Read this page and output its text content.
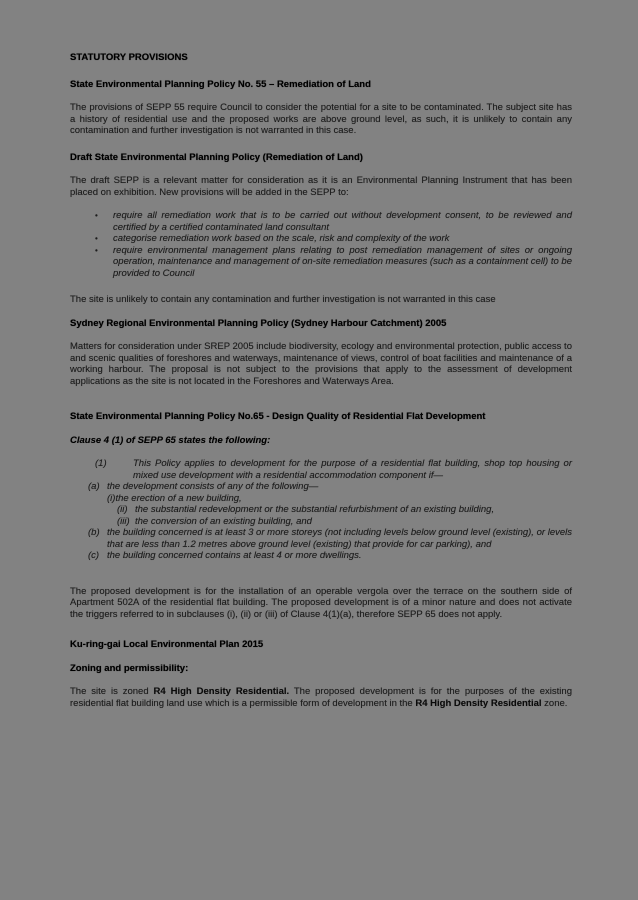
STATUTORY PROVISIONS
State Environmental Planning Policy No. 55 – Remediation of Land
The provisions of SEPP 55 require Council to consider the potential for a site to be contaminated. The subject site has a history of residential use and the proposed works are above ground level, as such, it is unlikely to contain any contamination and further investigation is not warranted in this case.
Draft State Environmental Planning Policy (Remediation of Land)
The draft SEPP is a relevant matter for consideration as it is an Environmental Planning Instrument that has been placed on exhibition. New provisions will be added in the SEPP to:
•	require all remediation work that is to be carried out without development consent, to be reviewed and certified by a certified contaminated land consultant
•	categorise remediation work based on the scale, risk and complexity of the work
•	require environmental management plans relating to post remediation management of sites or ongoing operation, maintenance and management of on-site remediation measures (such as a containment cell) to be provided to Council
The site is unlikely to contain any contamination and further investigation is not warranted in this case
Sydney Regional Environmental Planning Policy (Sydney Harbour Catchment) 2005
Matters for consideration under SREP 2005 include biodiversity, ecology and environmental protection, public access to and scenic qualities of foreshores and waterways, maintenance of views, control of boat facilities and maintenance of a working harbour. The proposal is not subject to the provisions that apply to the assessment of development applications as the site is not located in the Foreshores and Waterways Area.
State Environmental Planning Policy No.65 - Design Quality of Residential Flat Development
Clause 4 (1) of SEPP 65 states the following:
(1)	This Policy applies to development for the purpose of a residential flat building, shop top housing or mixed use development with a residential accommodation component if—
(a) the development consists of any of the following—
(i)the erection of a new building,
(ii) the substantial redevelopment or the substantial refurbishment of an existing building,
(iii) the conversion of an existing building, and
(b) the building concerned is at least 3 or more storeys (not including levels below ground level (existing), or levels that are less than 1.2 metres above ground level (existing) that provide for car parking), and
(c) the building concerned contains at least 4 or more dwellings.
The proposed development is for the installation of an operable vergola over the terrace on the southern side of Apartment 502A of the residential flat building. The proposed development is of a minor nature and does not activate the triggers referred to in subclauses (i), (ii) or (iii) of Clause 4(1)(a), therefore SEPP 65 does not apply.
Ku-ring-gai Local Environmental Plan 2015
Zoning and permissibility:
The site is zoned R4 High Density Residential. The proposed development is for the purposes of the existing residential flat building land use which is a permissible form of development in the R4 High Density Residential zone.
